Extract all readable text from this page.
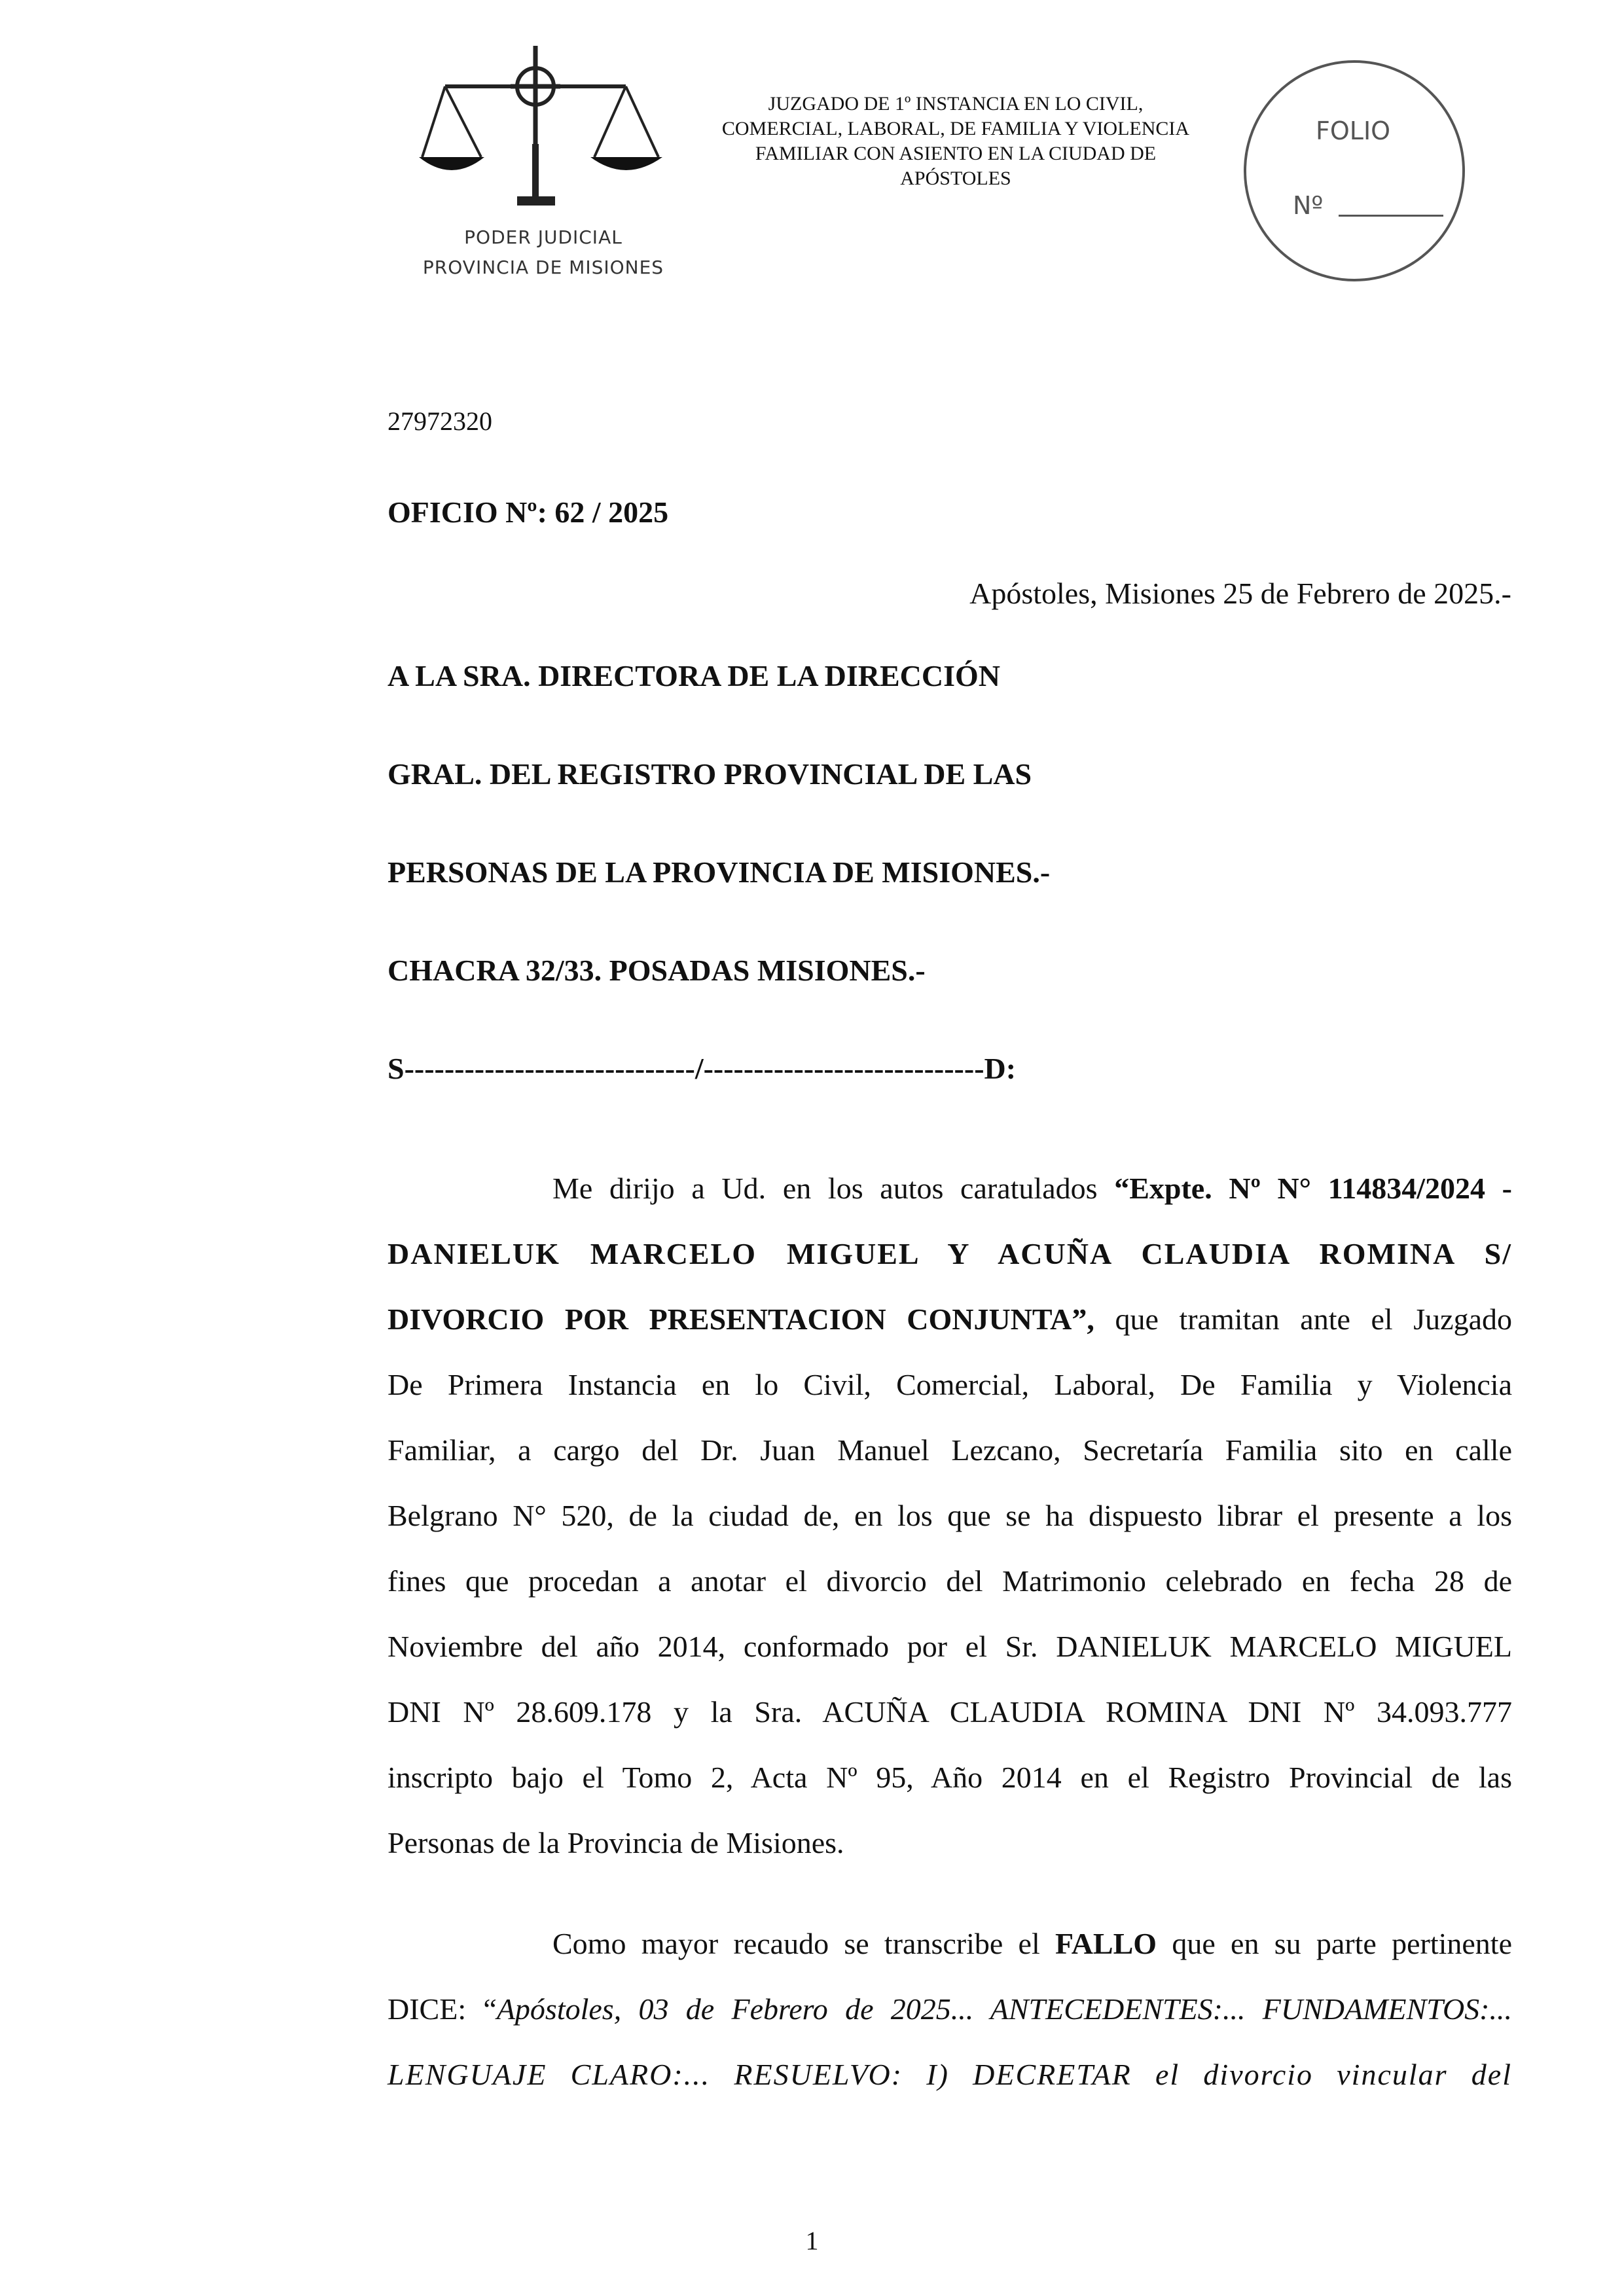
PODER JUDICIAL
PROVINCIA DE MISIONES
JUZGADO DE 1º INSTANCIA EN LO CIVIL,
COMERCIAL, LABORAL, DE FAMILIA Y VIOLENCIA
FAMILIAR CON ASIENTO EN LA CIUDAD DE
APÓSTOLES
FOLIO
Nº
27972320
OFICIO Nº: 62 / 2025
Apóstoles, Misiones 25 de Febrero de 2025.-
A LA SRA. DIRECTORA DE LA DIRECCIÓN
GRAL. DEL REGISTRO PROVINCIAL DE LAS
PERSONAS DE LA PROVINCIA DE MISIONES.-
CHACRA 32/33. POSADAS MISIONES.-
S-----------------------------/----------------------------D:
Me dirijo a Ud. en los autos caratulados “Expte. Nº N° 114834/2024 -
DANIELUK MARCELO MIGUEL Y ACUÑA CLAUDIA ROMINA S/
DIVORCIO POR PRESENTACION CONJUNTA”, que tramitan ante el Juzgado
De Primera Instancia en lo Civil, Comercial, Laboral, De Familia y Violencia
Familiar, a cargo del Dr. Juan Manuel Lezcano, Secretaría Familia sito en calle
Belgrano N° 520, de la ciudad de, en los que se ha dispuesto librar el presente a los
fines que procedan a anotar el divorcio del Matrimonio celebrado en fecha 28 de
Noviembre del año 2014, conformado por el Sr. DANIELUK MARCELO MIGUEL
DNI Nº 28.609.178 y la Sra. ACUÑA CLAUDIA ROMINA DNI Nº 34.093.777
inscripto bajo el Tomo 2, Acta Nº 95, Año 2014 en el Registro Provincial de las
Personas de la Provincia de Misiones.
Como mayor recaudo se transcribe el FALLO que en su parte pertinente
DICE: “Apóstoles, 03 de Febrero de 2025... ANTECEDENTES:... FUNDAMENTOS:...
LENGUAJE CLARO:... RESUELVO: I) DECRETAR el divorcio vincular del
1
